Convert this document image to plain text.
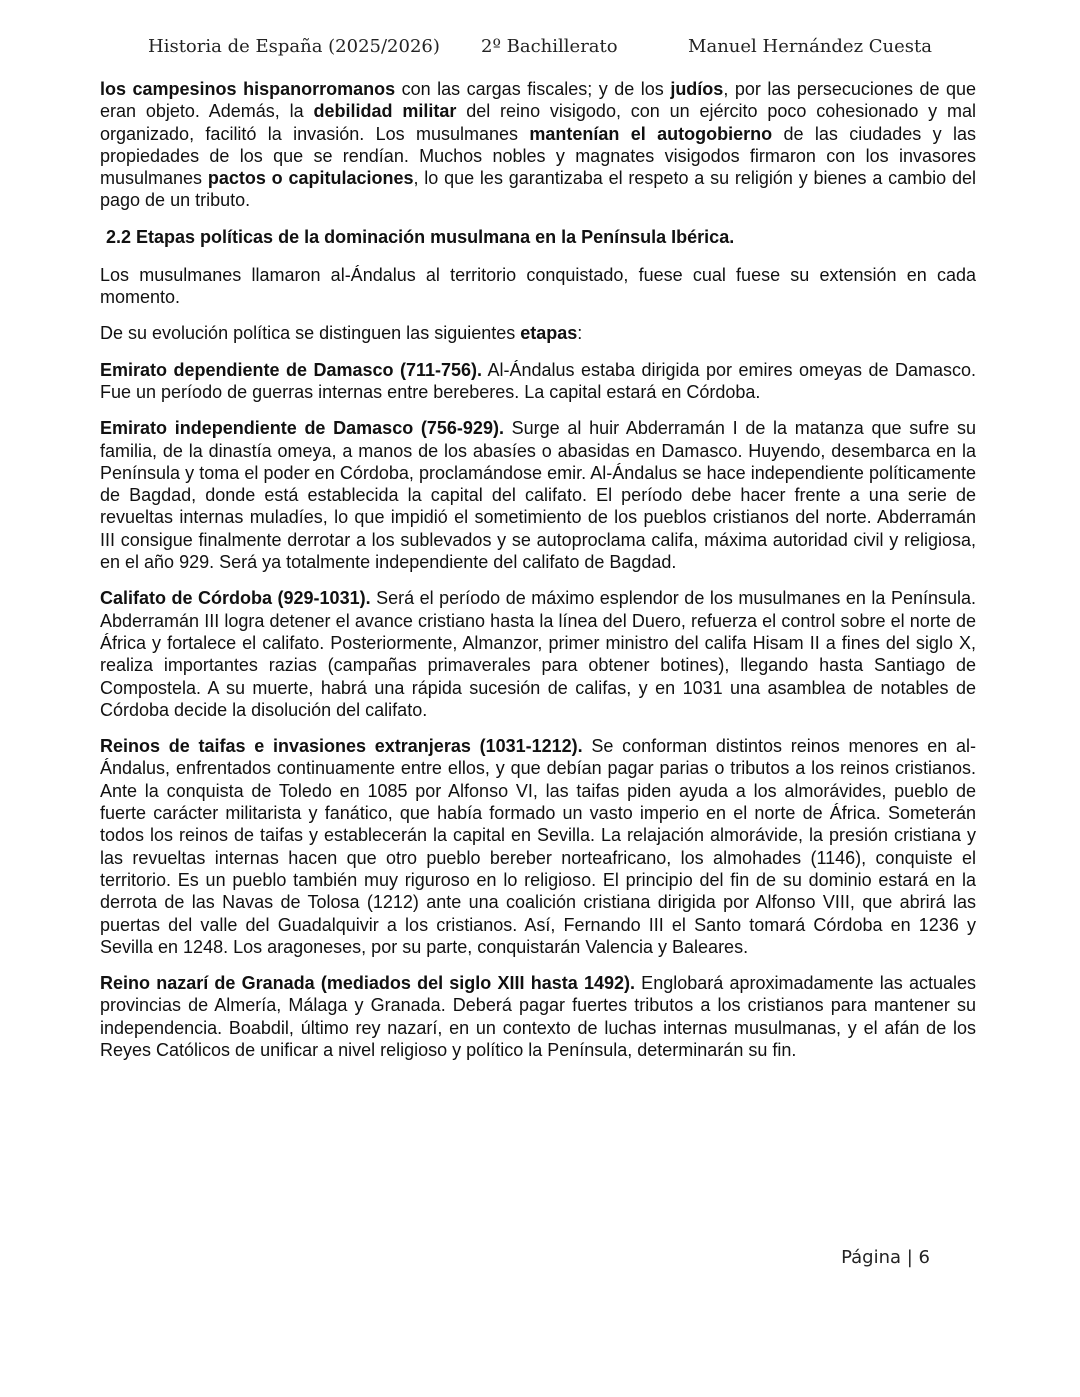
Historia de España (2025/2026) 2º Bachillerato	Manuel Hernández Cuesta

los campesinos hispanorromanos con las cargas fiscales; y de los judíos, por las persecuciones de que eran objeto. Además, la debilidad militar del reino visigodo, con un ejército poco cohesionado y mal organizado, facilitó la invasión. Los musulmanes mantenían el autogobierno de las ciudades y las propiedades de los que se rendían. Muchos nobles y magnates visigodos firmaron con los invasores musulmanes pactos o capitulaciones, lo que les garantizaba el respeto a su religión y bienes a cambio del pago de un tributo.

2.2 Etapas políticas de la dominación musulmana en la Península Ibérica.

Los musulmanes llamaron al-Ándalus al territorio conquistado, fuese cual fuese su extensión en cada momento.

De su evolución política se distinguen las siguientes etapas:

Emirato dependiente de Damasco (711-756). Al-Ándalus estaba dirigida por emires omeyas de Damasco. Fue un período de guerras internas entre bereberes. La capital estará en Córdoba.

Emirato independiente de Damasco (756-929). Surge al huir Abderramán I de la matanza que sufre su familia, de la dinastía omeya, a manos de los abasíes o abasidas en Damasco. Huyendo, desembarca en la Península y toma el poder en Córdoba, proclamándose emir. Al-Ándalus se hace independiente políticamente de Bagdad, donde está establecida la capital del califato. El período debe hacer frente a una serie de revueltas internas muladíes, lo que impidió el sometimiento de los pueblos cristianos del norte. Abderramán III consigue finalmente derrotar a los sublevados y se autoproclama califa, máxima autoridad civil y religiosa, en el año 929. Será ya totalmente independiente del califato de Bagdad.

Califato de Córdoba (929-1031). Será el período de máximo esplendor de los musulmanes en la Península. Abderramán III logra detener el avance cristiano hasta la línea del Duero, refuerza el control sobre el norte de África y fortalece el califato. Posteriormente, Almanzor, primer ministro del califa Hisam II a fines del siglo X, realiza importantes razias (campañas primaverales para obtener botines), llegando hasta Santiago de Compostela. A su muerte, habrá una rápida sucesión de califas, y en 1031 una asamblea de notables de Córdoba decide la disolución del califato.

Reinos de taifas e invasiones extranjeras (1031-1212). Se conforman distintos reinos menores en al-Ándalus, enfrentados continuamente entre ellos, y que debían pagar parias o tributos a los reinos cristianos. Ante la conquista de Toledo en 1085 por Alfonso VI, las taifas piden ayuda a los almorávides, pueblo de fuerte carácter militarista y fanático, que había formado un vasto imperio en el norte de África. Someterán todos los reinos de taifas y establecerán la capital en Sevilla. La relajación almorávide, la presión cristiana y las revueltas internas hacen que otro pueblo bereber norteafricano, los almohades (1146), conquiste el territorio. Es un pueblo también muy riguroso en lo religioso. El principio del fin de su dominio estará en la derrota de las Navas de Tolosa (1212) ante una coalición cristiana dirigida por Alfonso VIII, que abrirá las puertas del valle del Guadalquivir a los cristianos. Así, Fernando III el Santo tomará Córdoba en 1236 y Sevilla en 1248. Los aragoneses, por su parte, conquistarán Valencia y Baleares.

Reino nazarí de Granada (mediados del siglo XIII hasta 1492). Englobará aproximadamente las actuales provincias de Almería, Málaga y Granada. Deberá pagar fuertes tributos a los cristianos para mantener su independencia. Boabdil, último rey nazarí, en un contexto de luchas internas musulmanas, y el afán de los Reyes Católicos de unificar a nivel religioso y político la Península, determinarán su fin.

Página | 6
